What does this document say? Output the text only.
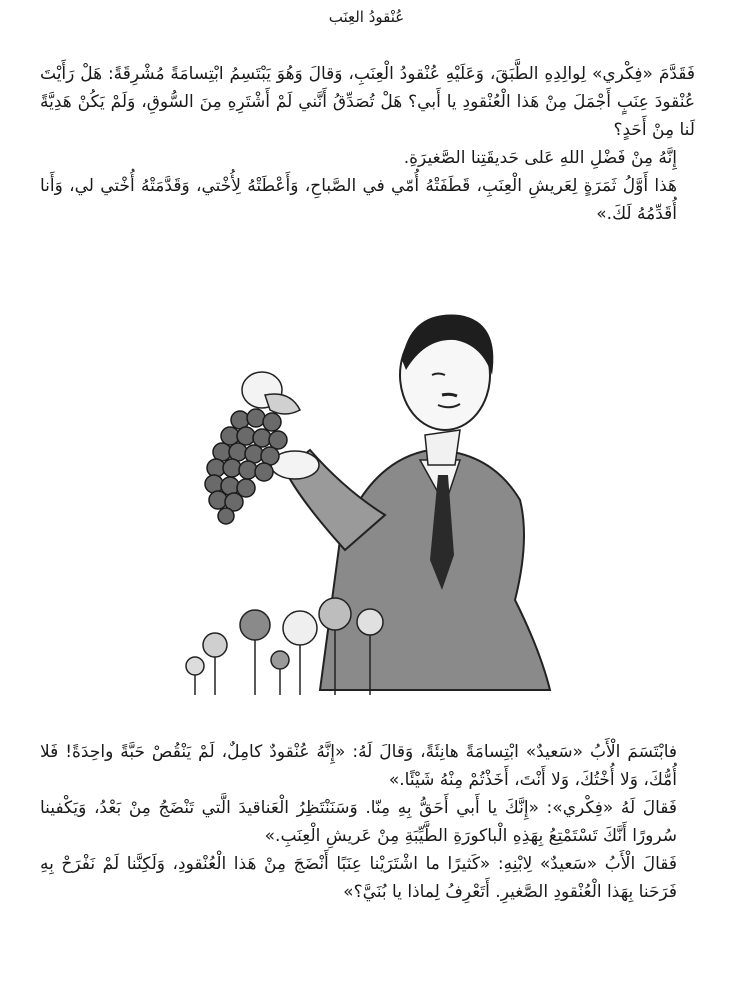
عُنْقودُ العِنَب

فَقَدَّمَ «فِكْري» لِوالِدِهِ الطَّبَقَ، وَعَلَيْهِ عُنْقودُ الْعِنَبِ، وَقالَ وَهُوَ يَبْتَسِمُ ابْتِسامَةً مُشْرِقَةً: هَلْ رَأَيْتَ عُنْقودَ عِنَبٍ أَجْمَلَ مِنْ هَذا الْعُنْقودِ يا أَبي؟ هَلْ تُصَدِّقُ أَنَّني لَمْ أَشْتَرِهِ مِنَ السُّوقِ، وَلَمْ يَكُنْ هَدِيَّةً لَنا مِنْ أَحَدٍ؟

إِنَّهُ مِنْ فَضْلِ اللهِ عَلى حَديقَتِنا الصَّغيرَةِ.

هَذا أَوَّلُ ثَمَرَةٍ لِعَريشِ الْعِنَبِ، قَطَفَتْهُ أُمّي في الصَّباحِ، وَأَعْطَتْهُ لِأُخْتي، وَقَدَّمَتْهُ أُخْتي لي، وَأَنا أُقَدِّمُهُ لَكَ.»

فابْتَسَمَ الْأَبُ «سَعيدٌ» ابْتِسامَةً هانِئَةً، وَقالَ لَهُ: «إِنَّهُ عُنْقودٌ كامِلٌ، لَمْ يَنْقُصْ حَبَّةً واحِدَةً! فَلا أُمُّكَ، وَلا أُخْتُكَ، وَلا أَنْتَ، أَخَذْتُمْ مِنْهُ شَيْئًا.»

فَقالَ لَهُ «فِكْري»: «إِنَّكَ يا أَبي أَحَقُّ بِهِ مِنّا. وَسَنَنْتَظِرُ الْعَناقيدَ الَّتي تَنْضَجُ مِنْ بَعْدُ، وَيَكْفينا سُرورًا أَنَّكَ تَسْتَمْتِعُ بِهَذِهِ الْباكورَةِ الطَّيِّبَةِ مِنْ عَريشِ الْعِنَبِ.»

فَقالَ الْأَبُ «سَعيدٌ» لِابْنِهِ: «كَثيرًا ما اشْتَرَيْنا عِنَبًا أَنْضَجَ مِنْ هَذا الْعُنْقودِ، وَلَكِنَّنا لَمْ نَفْرَحْ بِهِ فَرَحَنا بِهَذا الْعُنْقودِ الصَّغيرِ. أَتَعْرِفُ لِماذا يا بُنَيَّ؟»
